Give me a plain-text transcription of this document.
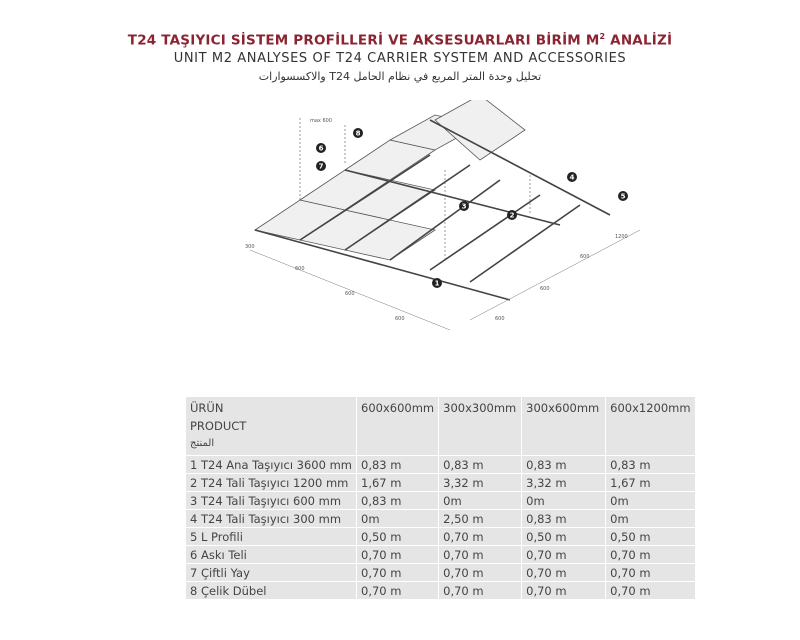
T24 TAŞIYICI SİSTEM PROFİLLERİ VE AKSESUARLARI BİRİM $M^2$ ANALİZİ
UNIT M2 ANALYSES OF T24 CARRIER SYSTEM AND ACCESSORIES
تحليل وحدة المتر المربع في نظام الحامل T24 والاكسسوارات
600
600
600	600
600
600
1200
300
max 600
1
2
3
4
5
6
7
8
ÜRÜN
PRODUCT
المنتج	600x600mm	300x300mm	300x600mm	600x1200mm
1 T24 Ana Taşıyıcı 3600 mm	0,83 m	0,83 m	0,83 m	0,83 m
2 T24 Tali Taşıyıcı 1200 mm	1,67 m	3,32 m	3,32 m	1,67 m
3 T24 Tali Taşıyıcı 600 mm	0,83 m	0m	0m	0m
4 T24 Tali Taşıyıcı 300 mm	0m	2,50 m	0,83 m	0m
5 L Profili	0,50 m	0,70 m	0,50 m	0,50 m
6 Askı Teli	0,70 m	0,70 m	0,70 m	0,70 m
7 Çiftli Yay	0,70 m	0,70 m	0,70 m	0,70 m
8 Çelik Dübel	0,70 m	0,70 m	0,70 m	0,70 m
